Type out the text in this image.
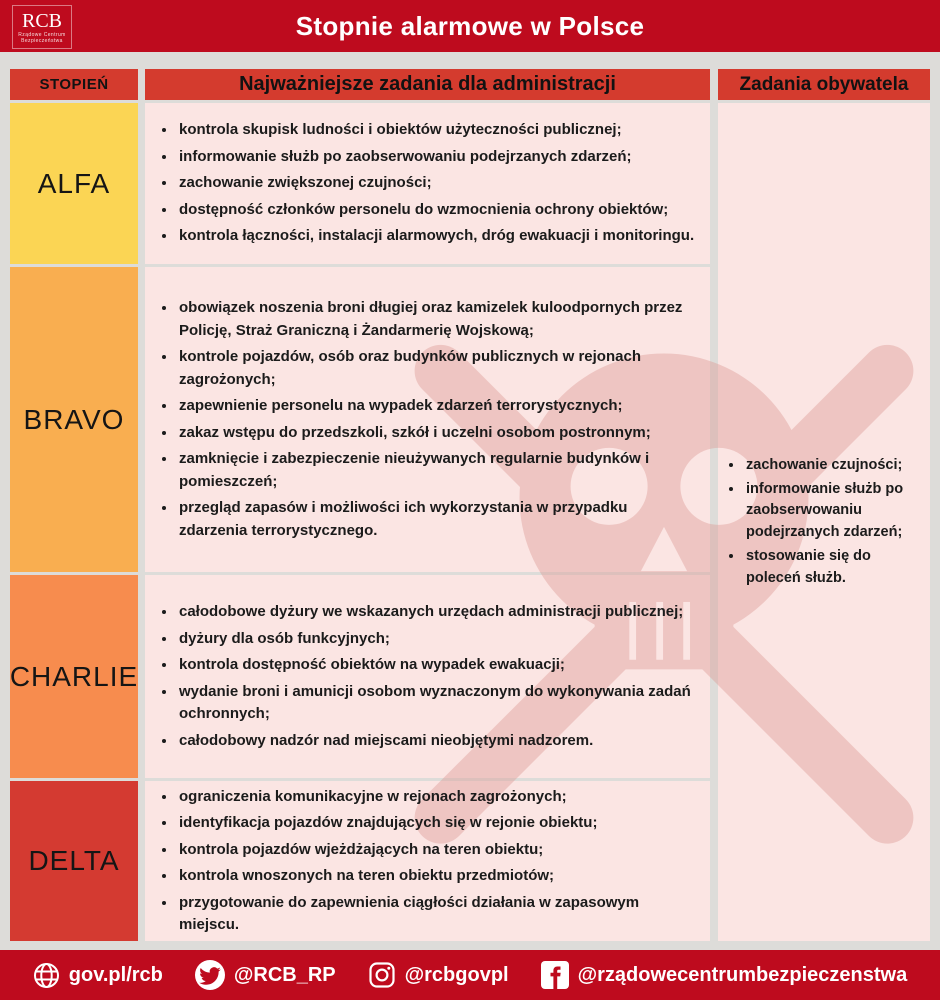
RCB
Rządowe Centrum
Bezpieczeństwa
Stopnie alarmowe w Polsce
STOPIEŃ	Najważniejsze zadania dla administracji
ALFA
• kontrola skupisk ludności i obiektów użyteczności publicznej;
• informowanie służb po zaobserwowaniu podejrzanych zdarzeń;
• zachowanie zwiększonej czujności;
• dostępność członków personelu do wzmocnienia ochrony obiektów;
• kontrola łączności, instalacji alarmowych, dróg ewakuacji i monitoringu.
BRAVO
• obowiązek noszenia broni długiej oraz kamizelek kuloodpornych przez Policję, Straż Graniczną i Żandarmerię Wojskową;
• kontrole pojazdów, osób oraz budynków publicznych w rejonach zagrożonych;
• zapewnienie personelu na wypadek zdarzeń terrorystycznych;
• zakaz wstępu do przedszkoli, szkół i uczelni osobom postronnym;
• zamknięcie i zabezpieczenie nieużywanych regularnie budynków i pomieszczeń;
• przegląd zapasów i możliwości ich wykorzystania w przypadku zdarzenia terrorystycznego.
CHARLIE
• całodobowe dyżury we wskazanych urzędach administracji publicznej;
• dyżury dla osób funkcyjnych;
• kontrola dostępność obiektów na wypadek ewakuacji;
• wydanie broni i amunicji osobom wyznaczonym do wykonywania zadań ochronnych;
• całodobowy nadzór nad miejscami nieobjętymi nadzorem.
DELTA
• ograniczenia komunikacyjne w rejonach zagrożonych;
• identyfikacja pojazdów znajdujących się w rejonie obiektu;
• kontrola pojazdów wjeżdżających na teren obiektu;
• kontrola wnoszonych na teren obiektu przedmiotów;
• przygotowanie do zapewnienia ciągłości działania w zapasowym miejscu.
Zadania obywatela
• zachowanie czujności;
• informowanie służb po zaobserwowaniu podejrzanych zdarzeń;
• stosowanie się do poleceń służb.
gov.pl/rcb	@RCB_RP	@rcbgovpl	@rządowecentrumbezpieczenstwa
